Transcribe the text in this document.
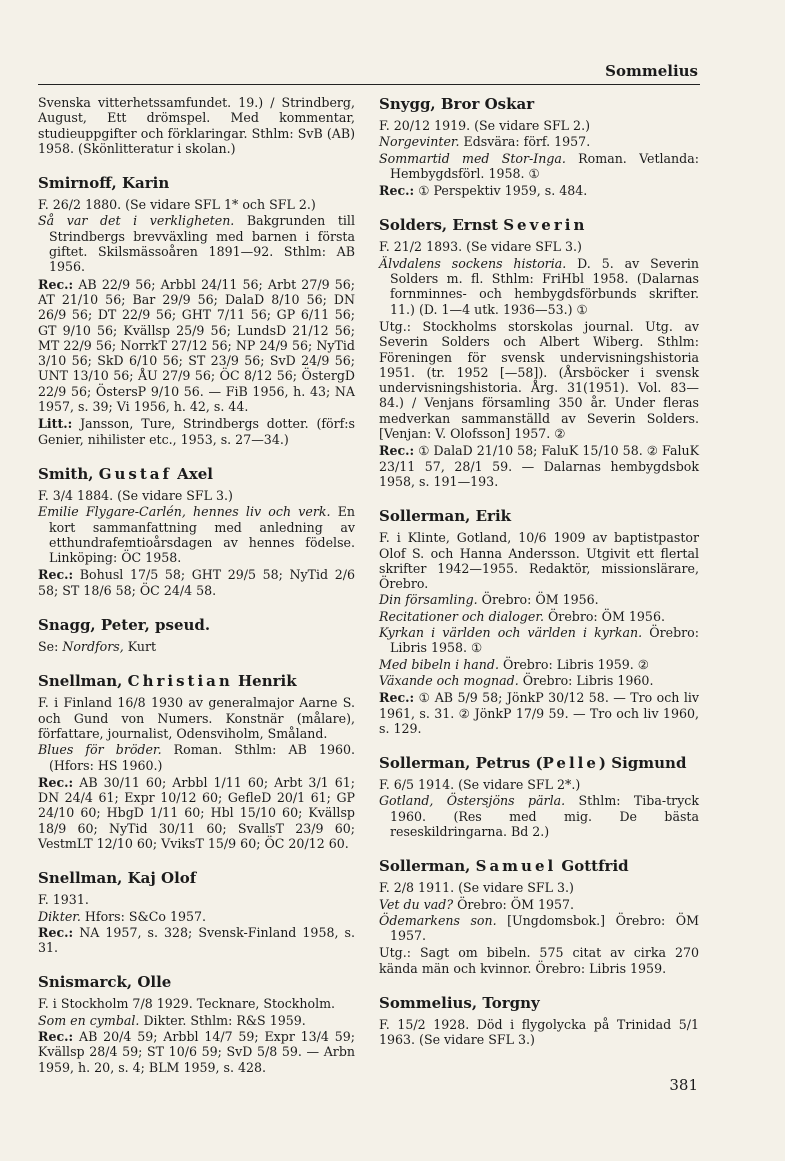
Sommelius

Svenska vitterhetssamfundet. 19.) / Strindberg, August, Ett drömspel. Med kommentar, studieuppgifter och förklaringar. Sthlm: SvB (AB) 1958. (Skönlitteratur i skolan.)

Smirnoff, Karin

F. 26/2 1880. (Se vidare SFL 1* och SFL 2.)

Så var det i verkligheten. Bakgrunden till Strindbergs brevväxling med barnen i första giftet. Skilsmässoåren 1891—92. Sthlm: AB 1956.

Rec.: AB 22/9 56; Arbbl 24/11 56; Arbt 27/9 56; AT 21/10 56; Bar 29/9 56; DalaD 8/10 56; DN 26/9 56; DT 22/9 56; GHT 7/11 56; GP 6/11 56; GT 9/10 56; Kvällsp 25/9 56; LundsD 21/12 56; MT 22/9 56; NorrkT 27/12 56; NP 24/9 56; NyTid 3/10 56; SkD 6/10 56; ST 23/9 56; SvD 24/9 56; UNT 13/10 56; ÅU 27/9 56; ÖC 8/12 56; ÖstergD 22/9 56; ÖstersP 9/10 56. — FiB 1956, h. 43; NA 1957, s. 39; Vi 1956, h. 42, s. 44.

Litt.: Jansson, Ture, Strindbergs dotter. (förf:s Genier, nihilister etc., 1953, s. 27—34.)

Smith, Gustaf Axel

F. 3/4 1884. (Se vidare SFL 3.)

Emilie Flygare-Carlén, hennes liv och verk. En kort sammanfattning med anledning av etthundrafemtioårsdagen av hennes födelse. Linköping: ÖC 1958.

Rec.: Bohusl 17/5 58; GHT 29/5 58; NyTid 2/6 58; ST 18/6 58; ÖC 24/4 58.

Snagg, Peter, pseud.

Se: Nordfors, Kurt

Snellman, Christian Henrik

F. i Finland 16/8 1930 av generalmajor Aarne S. och Gund von Numers. Konstnär (målare), författare, journalist, Odensviholm, Småland.

Blues för bröder. Roman. Sthlm: AB 1960. (Hfors: HS 1960.)

Rec.: AB 30/11 60; Arbbl 1/11 60; Arbt 3/1 61; DN 24/4 61; Expr 10/12 60; GefleD 20/1 61; GP 24/10 60; HbgD 1/11 60; Hbl 15/10 60; Kvällsp 18/9 60; NyTid 30/11 60; SvallsT 23/9 60; VestmLT 12/10 60; VviksT 15/9 60; ÖC 20/12 60.

Snellman, Kaj Olof

F. 1931.

Dikter. Hfors: S&Co 1957.

Rec.: NA 1957, s. 328; Svensk-Finland 1958, s. 31.

Snismarck, Olle

F. i Stockholm 7/8 1929. Tecknare, Stockholm.

Som en cymbal. Dikter. Sthlm: R&S 1959.

Rec.: AB 20/4 59; Arbbl 14/7 59; Expr 13/4 59; Kvällsp 28/4 59; ST 10/6 59; SvD 5/8 59. — Arbn 1959, h. 20, s. 4; BLM 1959, s. 428.

Snygg, Bror Oskar

F. 20/12 1919. (Se vidare SFL 2.)

Norgevinter. Edsvära: förf. 1957.

Sommartid med Stor-Inga. Roman. Vetlanda: Hembygdsförl. 1958. ①

Rec.: ① Perspektiv 1959, s. 484.

Solders, Ernst Severin

F. 21/2 1893. (Se vidare SFL 3.)

Älvdalens sockens historia. D. 5. av Severin Solders m. fl. Sthlm: FriHbl 1958. (Dalarnas fornminnes- och hembygdsförbunds skrifter. 11.) (D. 1—4 utk. 1936—53.) ①

Utg.: Stockholms storskolas journal. Utg. av Severin Solders och Albert Wiberg. Sthlm: Föreningen för svensk undervisningshistoria 1951. (tr. 1952 [—58]). (Årsböcker i svensk undervisningshistoria. Årg. 31(1951). Vol. 83—84.) / Venjans församling 350 år. Under fleras medverkan sammanställd av Severin Solders. [Venjan: V. Olofsson] 1957. ②

Rec.: ① DalaD 21/10 58; FaluK 15/10 58. ② FaluK 23/11 57, 28/1 59. — Dalarnas hembygdsbok 1958, s. 191—193.

Sollerman, Erik

F. i Klinte, Gotland, 10/6 1909 av baptistpastor Olof S. och Hanna Andersson. Utgivit ett flertal skrifter 1942—1955. Redaktör, missionslärare, Örebro.

Din församling. Örebro: ÖM 1956.

Recitationer och dialoger. Örebro: ÖM 1956.

Kyrkan i världen och världen i kyrkan. Örebro: Libris 1958. ①

Med bibeln i hand. Örebro: Libris 1959. ②

Växande och mognad. Örebro: Libris 1960.

Rec.: ① AB 5/9 58; JönkP 30/12 58. — Tro och liv 1961, s. 31. ② JönkP 17/9 59. — Tro och liv 1960, s. 129.

Sollerman, Petrus (Pelle) Sigmund

F. 6/5 1914. (Se vidare SFL 2*.)

Gotland, Östersjöns pärla. Sthlm: Tiba-tryck 1960. (Res med mig. De bästa reseskildringarna. Bd 2.)

Sollerman, Samuel Gottfrid

F. 2/8 1911. (Se vidare SFL 3.)

Vet du vad? Örebro: ÖM 1957.

Ödemarkens son. [Ungdomsbok.] Örebro: ÖM 1957.

Utg.: Sagt om bibeln. 575 citat av cirka 270 kända män och kvinnor. Örebro: Libris 1959.

Sommelius, Torgny

F. 15/2 1928. Död i flygolycka på Trinidad 5/1 1963. (Se vidare SFL 3.)

381
